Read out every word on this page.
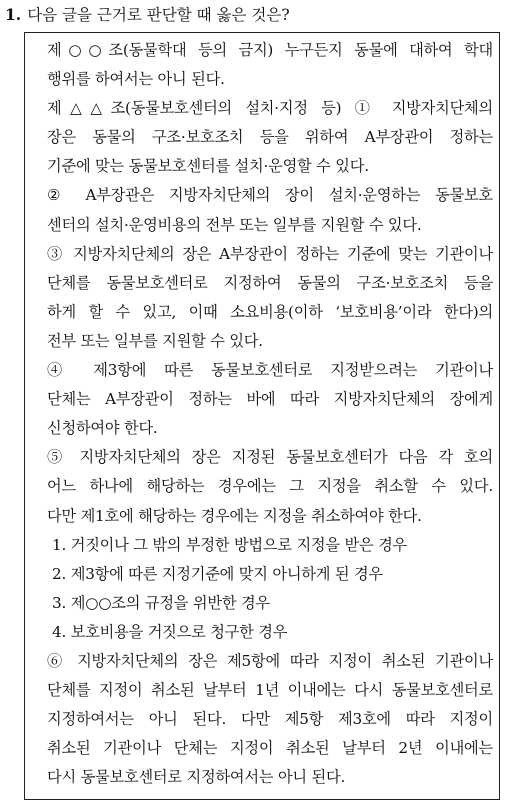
1. 다음 글을 근거로 판단할 때 옳은 것은?
제○○조(동물학대 등의 금지) 누구든지 동물에 대하여 학대
행위를 하여서는 아니 된다.
제△△조(동물보호센터의 설치·지정 등) ① 지방자치단체의
장은 동물의 구조·보호조치 등을 위하여 A부장관이 정하는
기준에 맞는 동물보호센터를 설치·운영할 수 있다.
② A부장관은 지방자치단체의 장이 설치·운영하는 동물보호
센터의 설치·운영비용의 전부 또는 일부를 지원할 수 있다.
③ 지방자치단체의 장은 A부장관이 정하는 기준에 맞는 기관이나
단체를 동물보호센터로 지정하여 동물의 구조·보호조치 등을
하게 할 수 있고, 이때 소요비용(이하 ‘보호비용’이라 한다)의
전부 또는 일부를 지원할 수 있다.
④ 제3항에 따른 동물보호센터로 지정받으려는 기관이나
단체는 A부장관이 정하는 바에 따라 지방자치단체의 장에게
신청하여야 한다.
⑤ 지방자치단체의 장은 지정된 동물보호센터가 다음 각 호의
어느 하나에 해당하는 경우에는 그 지정을 취소할 수 있다.
다만 제1호에 해당하는 경우에는 지정을 취소하여야 한다.
1. 거짓이나 그 밖의 부정한 방법으로 지정을 받은 경우
2. 제3항에 따른 지정기준에 맞지 아니하게 된 경우
3. 제○○조의 규정을 위반한 경우
4. 보호비용을 거짓으로 청구한 경우
⑥ 지방자치단체의 장은 제5항에 따라 지정이 취소된 기관이나
단체를 지정이 취소된 날부터 1년 이내에는 다시 동물보호센터로
지정하여서는 아니 된다. 다만 제5항 제3호에 따라 지정이
취소된 기관이나 단체는 지정이 취소된 날부터 2년 이내에는
다시 동물보호센터로 지정하여서는 아니 된다.
